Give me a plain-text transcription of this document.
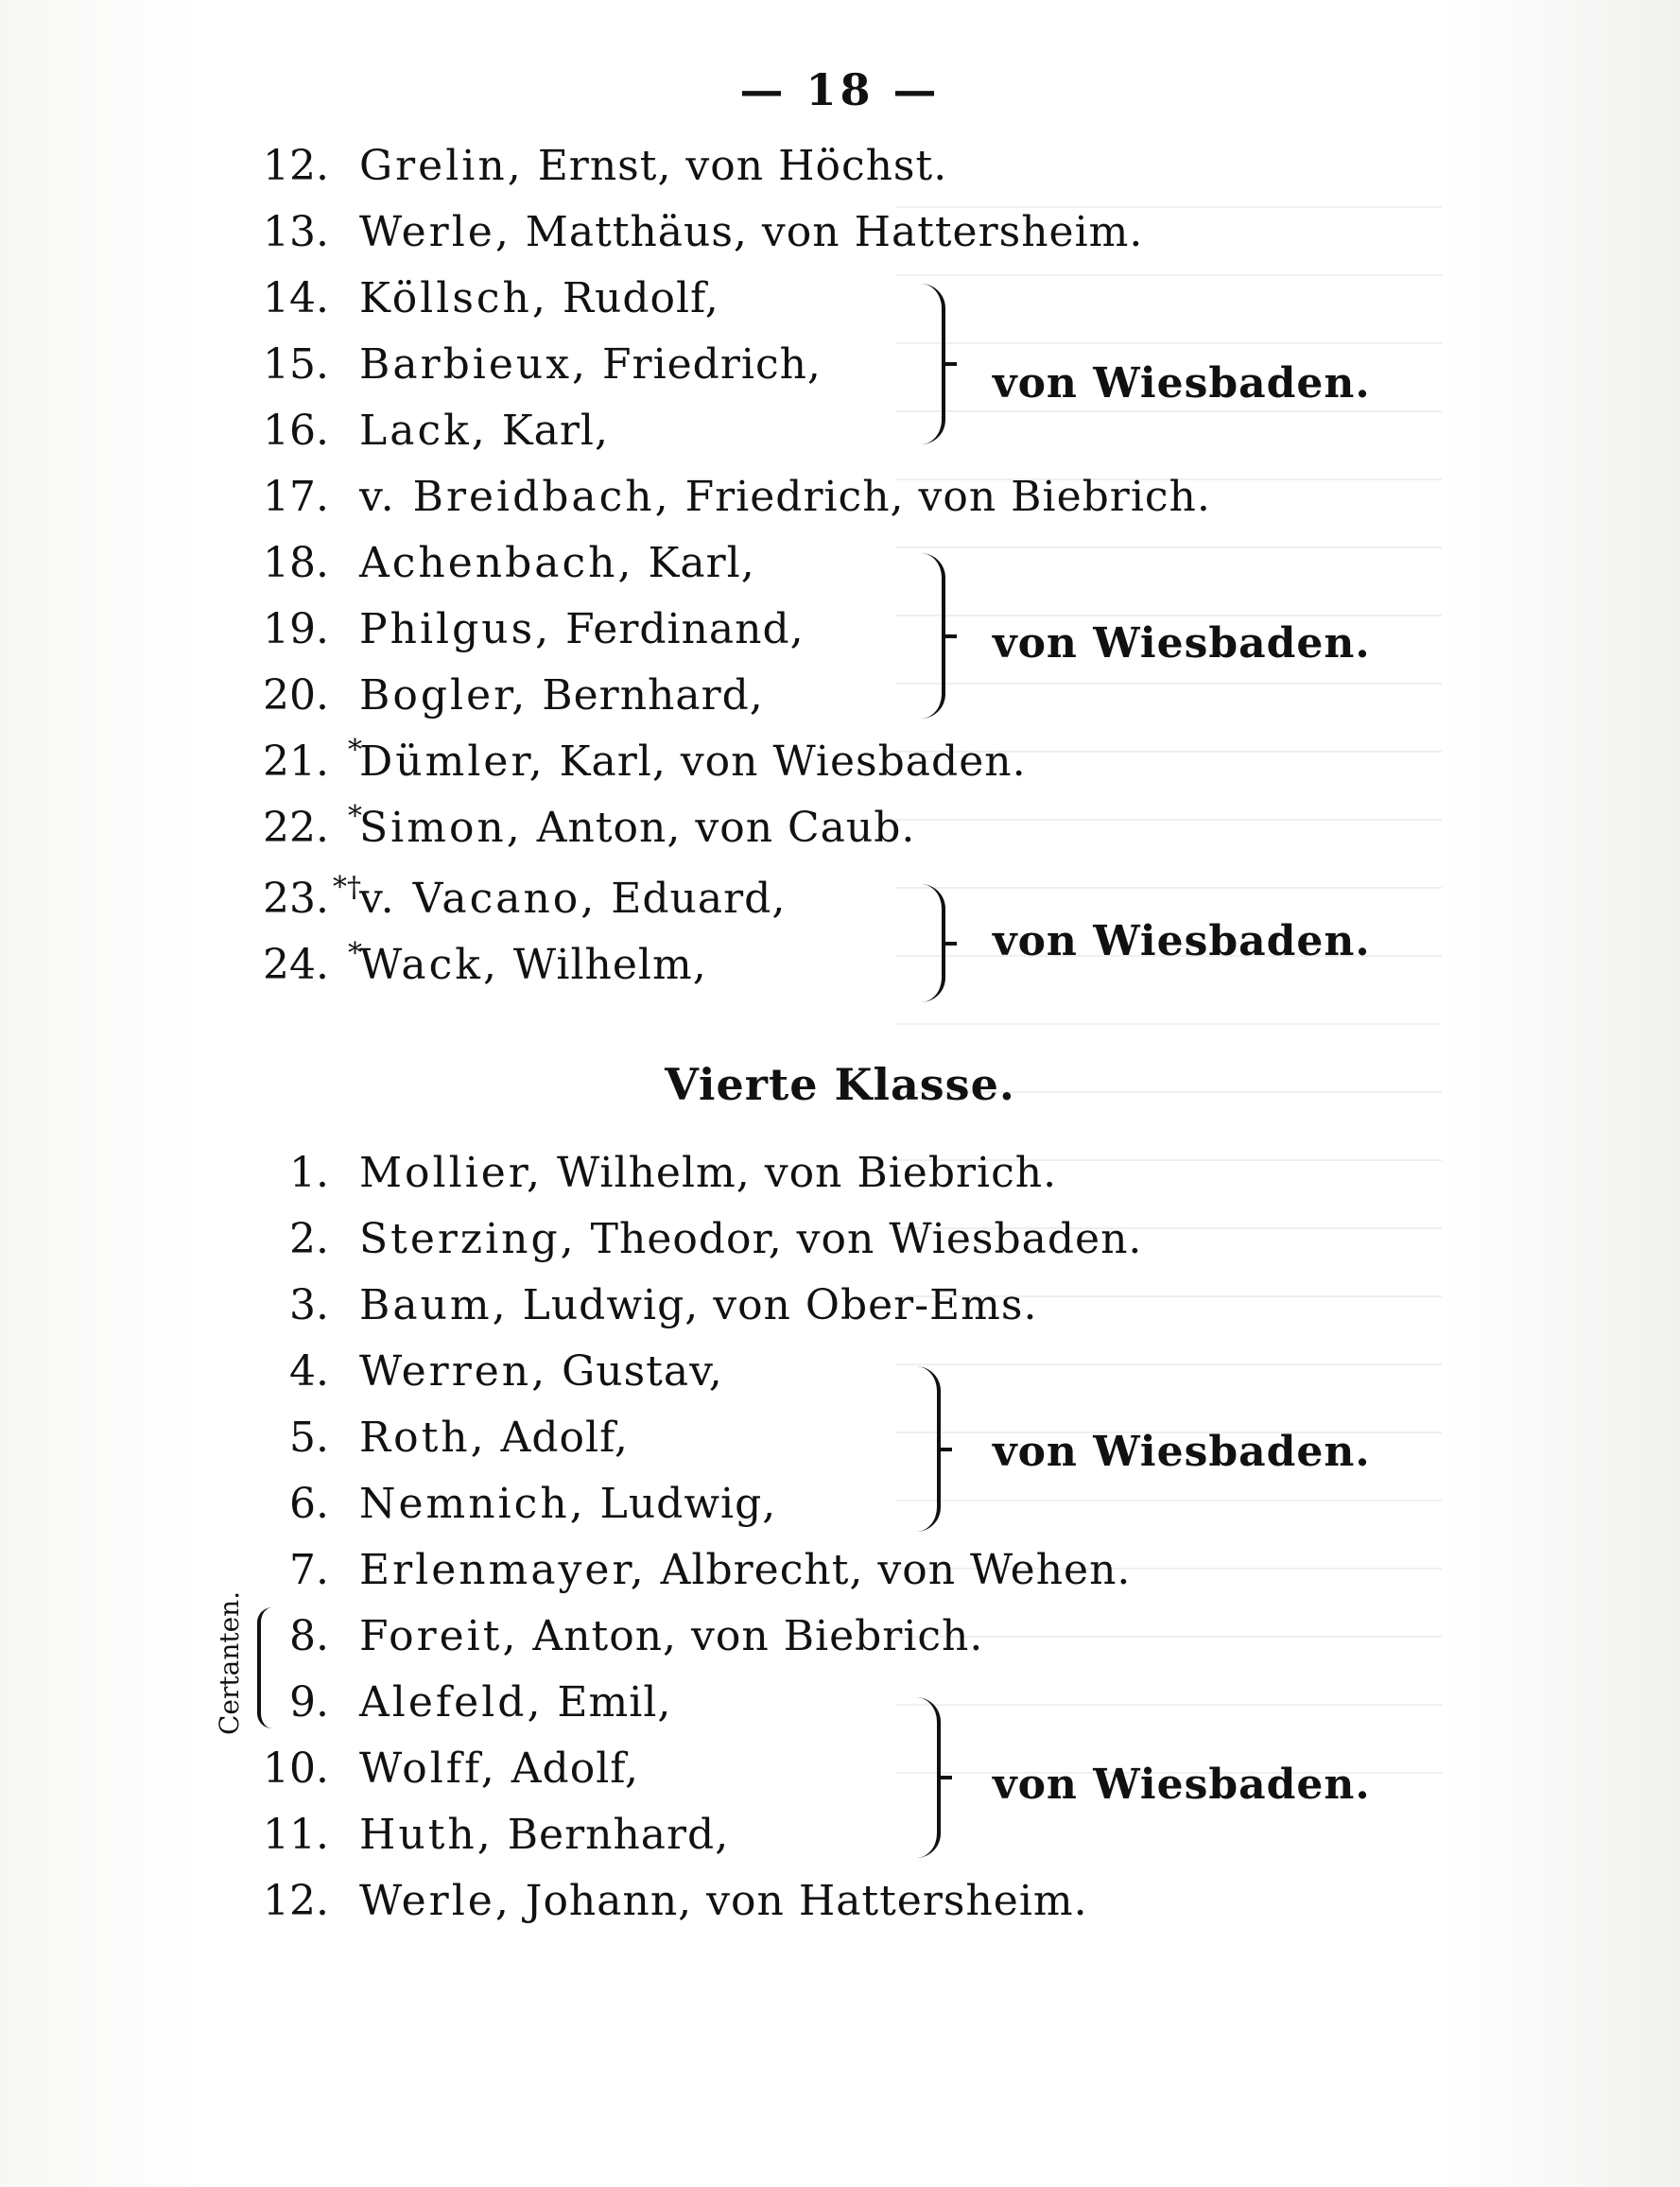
— 18 —
12. Grelin, Ernst, von Höchst.
13. Werle, Matthäus, von Hattersheim.
14. Köllsch, Rudolf,
15. Barbieux, Friedrich,
16. Lack, Karl,
17. v. Breidbach, Friedrich, von Biebrich.
18. Achenbach, Karl,
19. Philgus, Ferdinand,
20. Bogler, Bernhard,
21. *
Dümler, Karl, von Wiesbaden.
22. *
Simon, Anton, von Caub.
23. *†
v. Vacano, Eduard,
24. *
Wack, Wilhelm,
von Wiesbaden.
von Wiesbaden.
von Wiesbaden.
Vierte Klasse.
1. Mollier, Wilhelm, von Biebrich.
2. Sterzing, Theodor, von Wiesbaden.
3. Baum, Ludwig, von Ober-Ems.
4. Werren, Gustav,
5. Roth, Adolf,
6. Nemnich, Ludwig,
7. Erlenmayer, Albrecht, von Wehen.
8. Foreit, Anton, von Biebrich.
9. Alefeld, Emil,
10. Wolff, Adolf,
11. Huth, Bernhard,
12. Werle, Johann, von Hattersheim.
von Wiesbaden.
von Wiesbaden.
Certanten.
